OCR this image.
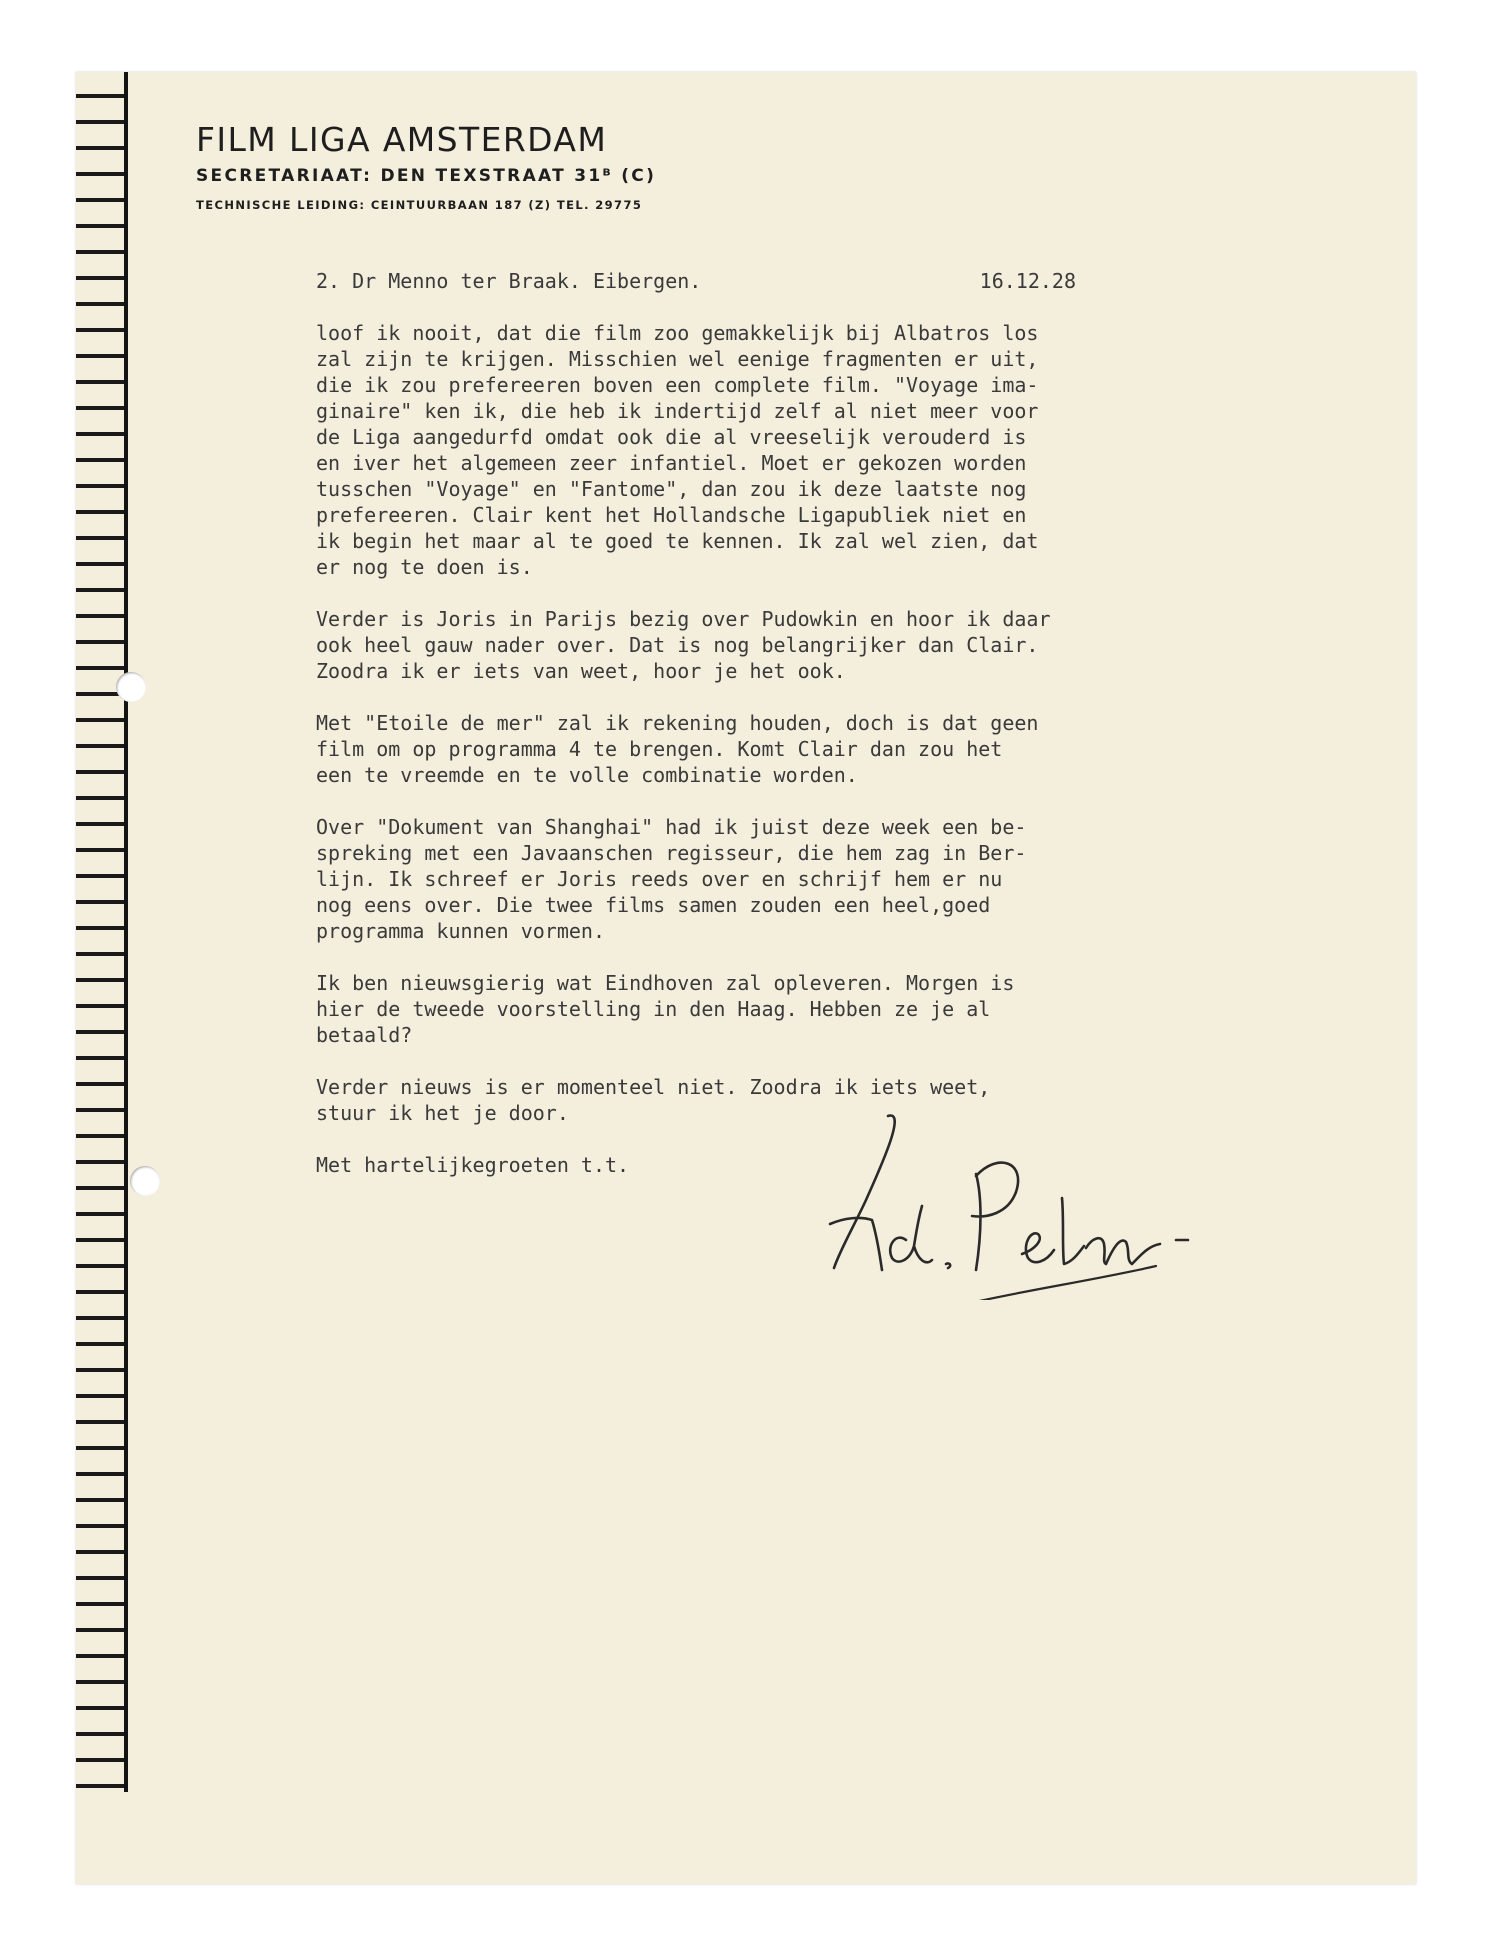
FILM LIGA AMSTERDAM
SECRETARIAAT: DEN TEXSTRAAT 31ᴮ (C)
TECHNISCHE LEIDING: CEINTUURBAAN 187 (Z) TEL. 29775
2. Dr Menno ter Braak. Eibergen.	16.12.28
loof ik nooit, dat die film zoo gemakkelijk bij Albatros los
zal zijn te krijgen. Misschien wel eenige fragmenten er uit,
die ik zou prefereeren boven een complete film. "Voyage ima-
ginaire" ken ik, die heb ik indertijd zelf al niet meer voor
de Liga aangedurfd omdat ook die al vreeselijk verouderd is
en iver het algemeen zeer infantiel. Moet er gekozen worden
tusschen "Voyage" en "Fantome", dan zou ik deze laatste nog
prefereeren. Clair kent het Hollandsche Ligapubliek niet en
ik begin het maar al te goed te kennen. Ik zal wel zien, dat
er nog te doen is.
Verder is Joris in Parijs bezig over Pudowkin en hoor ik daar
ook heel gauw nader over. Dat is nog belangrijker dan Clair.
Zoodra ik er iets van weet, hoor je het ook.
Met "Etoile de mer" zal ik rekening houden, doch is dat geen
film om op programma 4 te brengen. Komt Clair dan zou het
een te vreemde en te volle combinatie worden.
Over "Dokument van Shanghai" had ik juist deze week een be-
spreking met een Javaanschen regisseur, die hem zag in Ber-
lijn. Ik schreef er Joris reeds over en schrijf hem er nu
nog eens over. Die twee films samen zouden een heel,goed
programma kunnen vormen.
Ik ben nieuwsgierig wat Eindhoven zal opleveren. Morgen is
hier de tweede voorstelling in den Haag. Hebben ze je al
betaald?
Verder nieuws is er momenteel niet. Zoodra ik iets weet,
stuur ik het je door.
Met hartelijkegroeten t.t.
